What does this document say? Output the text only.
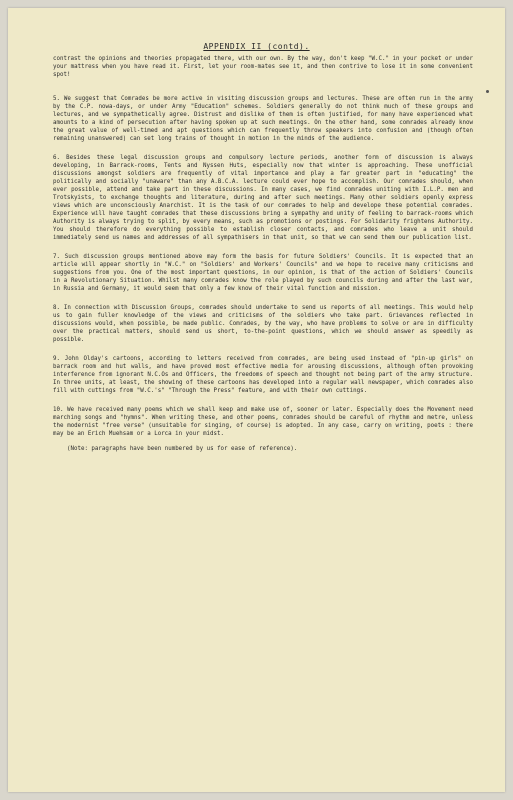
APPENDIX II (contd).

contrast the opinions and theories propagated there, with our own. By the way, don't keep "W.C." in your pocket or under your mattress when you have read it. First, let your room-mates see it, and then contrive to lose it in some convenient spot!

5. We suggest that Comrades be more active in visiting discussion groups and lectures. These are often run in the army by the C.P. nowa-days, or under Army "Education" schemes. Soldiers generally do not think much of these groups and lectures, and we sympathetically agree. Distrust and dislike of them is often justified, for many have experienced what amounts to a kind of persecution after having spoken up at such meetings. On the other hand, some comrades already know the great value of well-timed and apt questions which can frequently throw speakers into confusion and (though often remaining unanswered) can set long trains of thought in motion in the minds of the audience.

6. Besides these legal discussion groups and compulsory lecture periods, another form of discussion is always developing, in Barrack-rooms, Tents and Nyssen Huts, especially now that winter is approaching. These unofficial discussions amongst soldiers are frequently of vital importance and play a far greater part in "educating" the politically and socially "unaware" than any A.B.C.A. lecture could ever hope to accomplish. Our comrades should, when ever possible, attend and take part in these discussions. In many cases, we find comrades uniting with I.L.P. men and Trotskyists, to exchange thoughts and literature, during and after such meetings. Many other soldiers openly express views which are unconsciously Anarchist. It is the task of our comrades to help and develope these potential comrades. Experience will have taught comrades that these discussions bring a sympathy and unity of feeling to barrack-rooms which Authority is always trying to split, by every means, such as promotions or postings. For Solidarity frightens Authority. You should therefore do everything possible to establish closer contacts, and comrades who leave a unit should immediately send us names and addresses of all sympathisers in that unit, so that we can send them our publication list.

7. Such discussion groups mentioned above may form the basis for future Soldiers' Councils. It is expected that an article will appear shortly in "W.C." on "Soldiers' and Workers' Councils" and we hope to receive many criticisms and suggestions from you. One of the most important questions, in our opinion, is that of the action of Soldiers' Councils in a Revolutionary Situation. Whilst many comrades know the role played by such councils during and after the last war, in Russia and Germany, it would seem that only a few know of their vital function and mission.

8. In connection with Discussion Groups, comrades should undertake to send us reports of all meetings. This would help us to gain fuller knowledge of the views and criticisms of the soldiers who take part. Grievances reflected in discussions would, when possible, be made public. Comrades, by the way, who have problems to solve or are in difficulty over the practical matters, should send us short, to-the-point questions, which we should answer as speedily as possible.

9. John Olday's cartoons, according to letters received from comrades, are being used instead of "pin-up girls" on barrack room and hut walls, and have proved most effective media for arousing discussions, although often provoking interference from ignorant N.C.Os and Officers, the freedoms of speech and thought not being part of the army structure. In three units, at least, the showing of these cartoons has developed into a regular wall newspaper, which comrades also fill with cuttings from "W.C.'s" "Through the Press" feature, and with their own cuttings.

10. We have received many poems which we shall keep and make use of, sooner or later. Especially does the Movement need marching songs and "hymns". When writing these, and other poems, comrades should be careful of rhythm and metre, unless the modernist "free verse" (unsuitable for singing, of course) is adopted. In any case, carry on writing, poets : there may be an Erich Muehsam or a Lorca in your midst.

(Note: paragraphs have been numbered by us for ease of reference).
